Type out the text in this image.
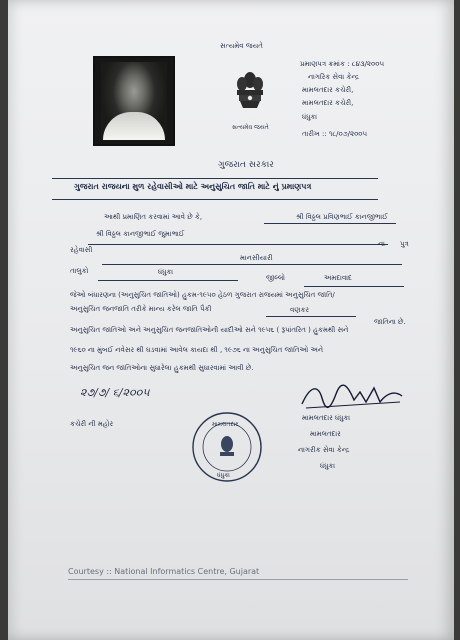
સત્યમેવ જયતે
સત્યમેવ જયતે
પ્રમાણપત્ર ક્રમાંક : ૮૪૩/૨૦૦૫
નાગરિક સેવા કેન્દ્ર
મામલતદાર કચેરી,
મામલતદાર કચેરી,
ધંધુકા
તારીખ :: ૧૮/૦૭/૨૦૦૫
ગુજરાત સરકાર
ગુજરાત રાજયના મુળ રહેવાસીઓ માટે અનુસુચિત જાતિ માટે નું પ્રમાણપત્ર
આથી પ્રમાણિત કરવામાં આવે છે કે,	શ્રી વિઠ્ઠલ પ્રવિણભાઈ કાનજીભાઈ
શ્રી વિઠ્ઠલ કાનજીભાઈ જુમાભાઈ
ના પુત્ર
રહેવાસી
માનસીયારી
તાલુકો	ધંધુકા
જીલ્લો	અમદાવાદ
જેઓ બંધારણના (અનુસુચિત જાતિઓ) હુકમ-૧૯૫૦ હેઠળ ગુજરાત રાજયમાં અનુસુચિત જાતિ/
અનુસુચિત જનજાતિ તરીકે માન્ય કરેલ જાતિ પૈકી	વણકર
જાતિના છે.
અનુસુચિત જાતિઓ અને અનુસુચિત જનજાતિઓની યાદીઓ સને ૧૯૫૬ ( રૂપાંતરિત ) હુકમથી સને
૧૯૬૦ ના મુંબઈ નવેસર થી ઘડવામાં આવેલ કાયદા થી , ૧૯૭૬ ના અનુસુચિત જાતિઓ અને
અનુસુચિત જન જાતિઓના સુધારેલા હુકમથી સુધારવામાં આવી છે.
૨૭/૭/ ૬/૨૦૦૫
મામલતદાર ધંધુકા
મામલતદાર
નાગરીક સેવા કેન્દ્ર
ધંધુકા
કચેરી ની મહોર	મામલતદાર
ધંધુકા
Courtesy :: National Informatics Centre, Gujarat
